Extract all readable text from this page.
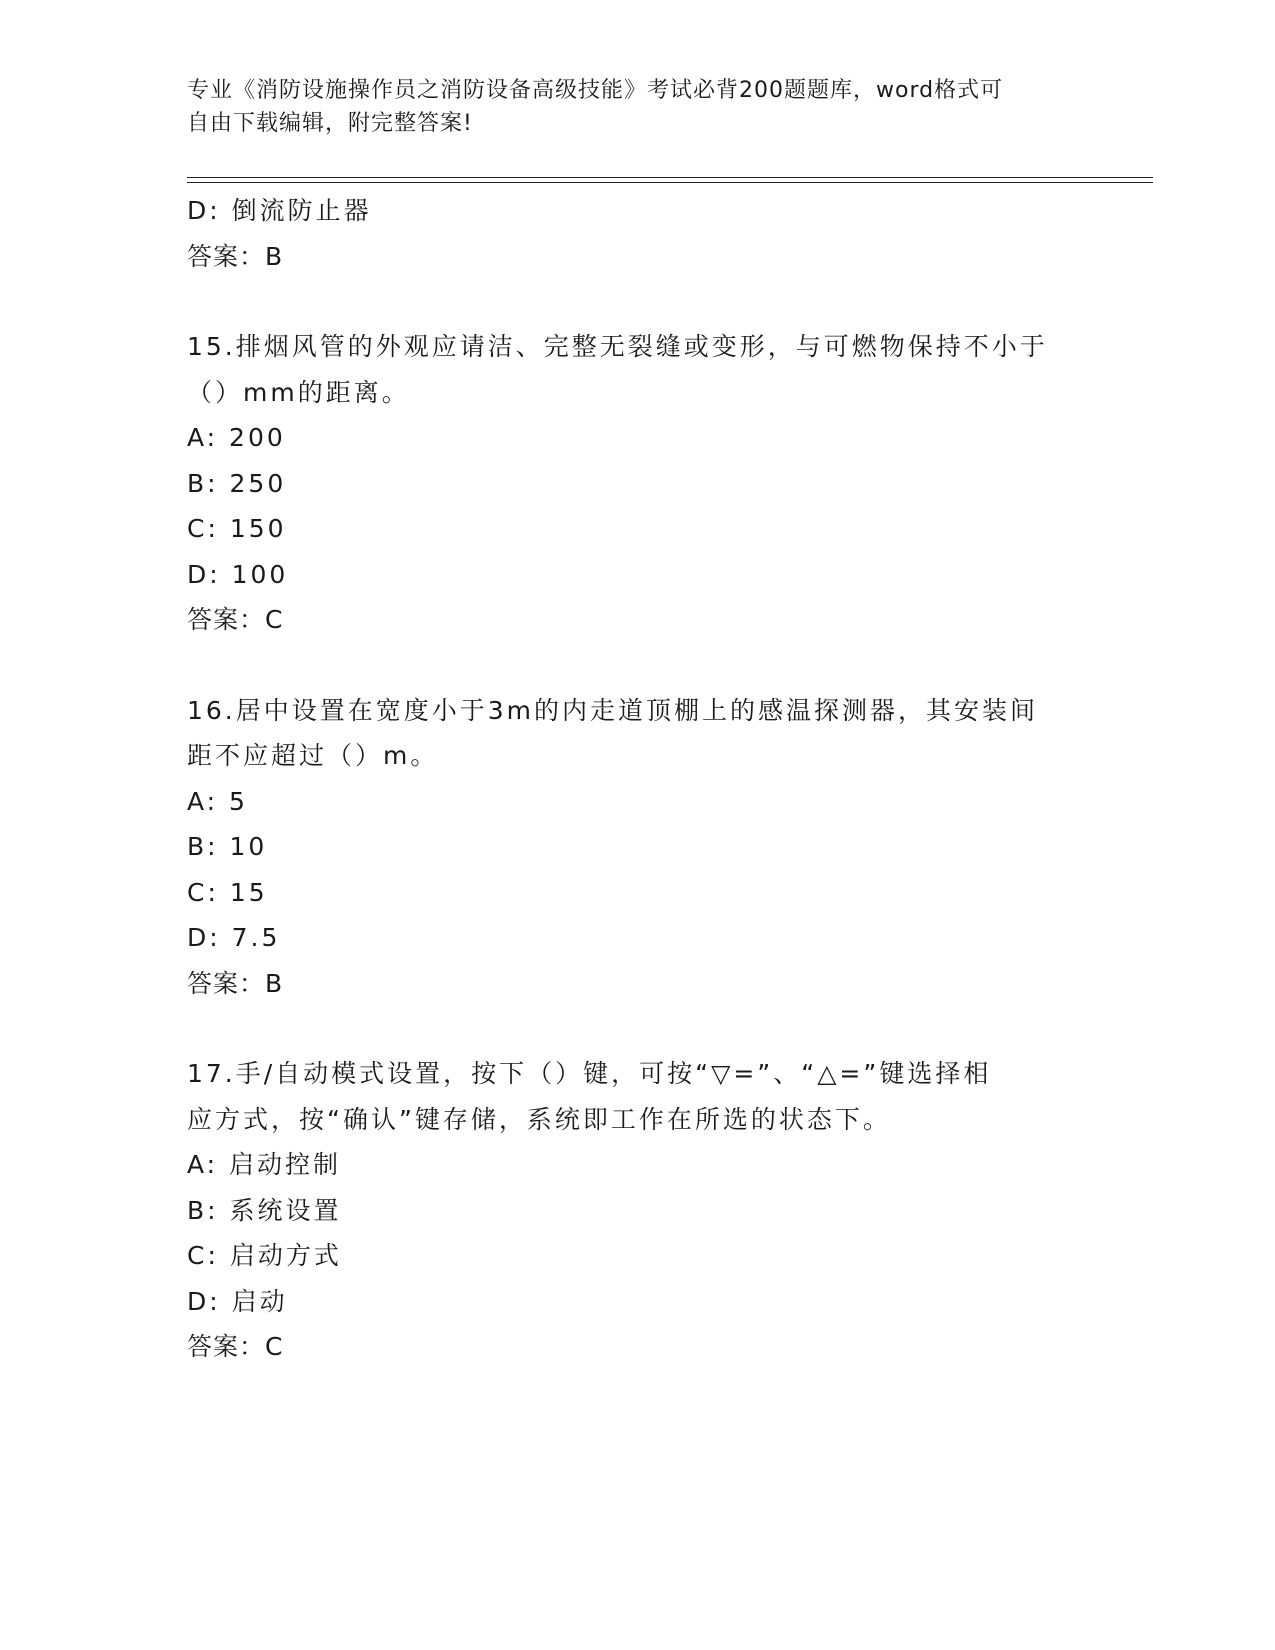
专业《消防设施操作员之消防设备高级技能》考试必背200题题库，word格式可
自由下载编辑，附完整答案!
D: 倒流防止器
答案：B
15.排烟风管的外观应请洁、完整无裂缝或变形，与可燃物保持不小于
（）mm的距离。
A: 200
B: 250
C: 150
D: 100
答案：C
16.居中设置在宽度小于3m的内走道顶棚上的感温探测器，其安装间
距不应超过（）m。
A: 5
B: 10
C: 15
D: 7.5
答案：B
17.手/自动模式设置，按下（）键，可按“▽=”、“△=”键选择相
应方式，按“确认”键存储，系统即工作在所选的状态下。
A: 启动控制
B: 系统设置
C: 启动方式
D: 启动
答案：C
